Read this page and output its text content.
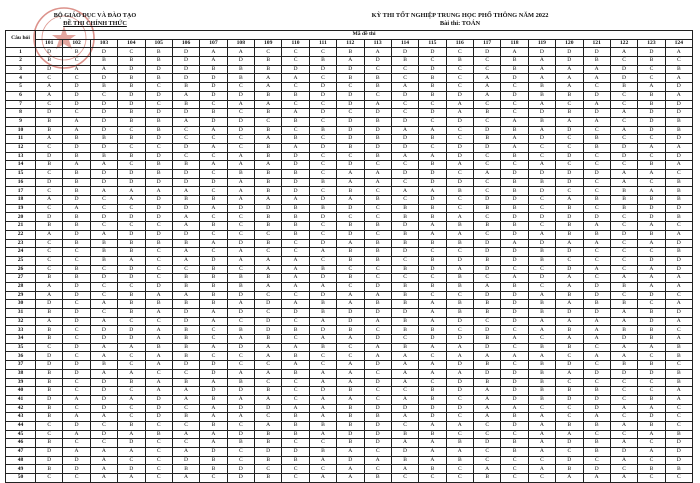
BỘ GIÁO DỤC VÀ ĐÀO TẠO
ĐỀ THI CHÍNH THỨC
KỲ THI TỐT NGHIỆP TRUNG HỌC PHỔ THÔNG NĂM 2022
Bài thi: TOÁN
Câu hỏi	Mã đề thi																							
	101	102	103	104	105	106	107	108	109	110	111	112	113	114	115	116	117	118	119	120	121	122	123	124
1	D	B	D	C	B	D	A	A	C	C	C	B	A	D	D	C	D	A	D	D	D	A	D	A
2	B	C	B	B	B	D	A	D	B	C	B	A	D	B	C	B	C	B	A	D	B	C	B	C
3	D	A	A	D	D	D	B	B	B	D	D	D	C	C	D	C	C	B	A	A	A	D	C	B
4	C	C	D	B	B	D	D	B	A	A	C	B	B	C	B	C	A	D	A	A	A	D	C	A
5	A	D	B	B	C	B	D	C	A	C	D	C	B	A	B	C	A	C	B	A	C	B	A	D
6	A	D	C	D	D	A	D	D	B	B	D	D	C	D	B	D	A	D	B	B	D	C	B	A
7	C	D	D	D	C	B	C	A	A	C	C	D	A	C	C	A	C	C	A	C	A	C	B	D
8	D	C	D	B	D	D	B	C	B	A	D	C	D	C	D	A	B	C	D	B	D	A	D	D
9	B	A	D	B	B	A	D	D	C	B	C	D	B	D	C	D	C	A	B	A	A	C	D	B
10	B	A	D	C	B	C	A	D	B	C	B	D	D	A	A	C	D	B	A	D	C	A	D	B
11	A	B	B	B	D	C	C	C	A	B	C	D	B	D	B	C	B	A	D	C	B	C	C	D
12	C	D	D	C	C	D	A	C	B	A	D	B	D	D	C	D	D	A	C	C	B	D	A	A
13	D	B	B	B	D	C	C	A	B	D	C	C	B	A	A	D	C	B	C	D	C	D	C	D
14	B	A	A	C	B	B	A	A	A	D	C	D	C	C	B	A	C	C	A	C	C	C	B	A
15	C	B	D	D	B	D	C	B	B	B	C	A	A	D	D	C	A	D	D	D	D	A	A	C
16	D	B	D	D	D	D	D	A	B	D	B	A	A	C	D	D	C	B	B	D	C	A	C	B
17	C	B	A	A	A	A	C	A	B	D	C	B	C	A	A	B	C	B	D	C	C	B	A	B
18	A	D	C	A	D	B	B	A	A	A	D	A	B	C	D	C	D	D	C	A	B	B	B	B
19	C	A	C	C	D	D	A	D	D	B	B	D	C	B	B	C	B	B	C	B	C	B	D	D
20	D	B	D	D	D	A	C	C	B	B	D	C	C	B	B	A	C	D	D	D	D	C	D	B
21	B	B	C	C	C	A	B	C	B	B	C	B	B	D	A	B	B	B	C	B	A	C	A	C
22	A	D	A	D	D	D	C	C	C	B	C	D	C	B	A	A	C	D	A	B	B	D	B	A
23	C	B	B	B	B	B	A	D	B	C	D	A	B	B	B	B	D	A	D	A	A	C	A	D
24	C	C	B	B	C	A	C	A	C	C	A	B	B	D	C	C	D	D	B	D	C	C	C	B
25	C	C	B	A	C	A	D	A	A	A	C	B	B	C	B	D	B	D	B	C	C	C	D	D
26	C	B	C	D	C	C	B	C	A	A	B	C	C	B	D	A	D	C	C	D	A	C	A	D
27	B	B	D	D	C	B	B	B	B	A	D	B	C	C	C	B	C	A	D	A	C	A	A	A
28	A	D	C	C	D	B	B	B	A	A	A	C	D	B	B	B	A	B	C	A	D	B	A	A
29	A	D	C	B	A	A	B	D	C	C	D	A	A	B	C	C	D	D	A	B	D	C	D	C
30	D	C	A	B	B	B	B	A	D	A	B	A	B	B	A	B	B	D	B	A	B	B	C	A
31	B	D	C	B	A	D	A	D	C	D	B	D	D	D	A	B	B	D	B	D	D	A	B	D
32	A	D	A	C	C	D	A	C	D	C	A	D	A	B	A	D	C	D	A	A	A	A	D	A
33	B	C	D	D	A	B	C	B	D	B	D	B	C	B	B	C	D	C	A	B	A	B	B	C
34	B	C	D	D	A	B	C	A	B	C	A	A	D	C	D	D	B	A	C	A	A	D	B	A
35	C	D	A	A	B	B	A	D	A	A	B	C	A	B	A	A	D	C	B	B	C	A	A	B
36	D	C	A	C	A	B	C	C	A	B	C	C	A	A	C	A	A	A	A	C	A	A	C	B
37	D	D	B	C	A	D	D	C	C	A	C	A	D	A	A	D	B	C	B	D	C	B	B	C
38	B	D	A	A	C	C	D	A	A	B	A	A	C	A	A	A	D	D	B	A	D	D	D	B
39	B	C	D	B	A	B	A	B	C	C	A	A	D	A	C	D	B	D	B	C	C	C	C	B
40	B	C	D	C	A	A	D	D	B	C	D	B	C	C	B	D	A	D	B	B	B	C	C	A
41	D	A	D	A	D	A	B	A	A	C	A	A	C	A	B	C	A	D	B	D	D	C	B	A
42	B	C	D	C	D	C	A	D	D	A	A	B	D	D	D	D	A	A	C	C	D	A	A	C
43	B	A	A	C	D	B	A	A	C	B	A	B	B	A	D	C	A	B	A	C	A	C	D	C
44	C	D	C	B	C	C	B	C	A	B	B	B	D	C	A	A	C	D	A	B	B	A	B	C
45	C	A	D	A	B	A	A	D	B	B	A	D	D	B	B	C	C	C	A	A	C	C	A	B
46	B	C	C	D	C	C	A	B	B	C	C	B	D	A	A	B	D	B	A	D	B	A	C	D
47	D	A	A	A	C	A	D	C	D	D	B	A	C	D	A	A	C	B	A	C	B	D	A	D
48	D	D	A	C	C	D	B	C	B	B	A	D	A	B	A	B	C	C	C	D	C	A	C	D
49	B	D	A	D	C	B	B	D	C	C	C	A	C	A	B	C	A	C	A	B	D	C	B	B
50	C	C	A	A	C	A	C	D	B	C	A	A	B	C	C	C	B	C	C	A	A	A	C	C
